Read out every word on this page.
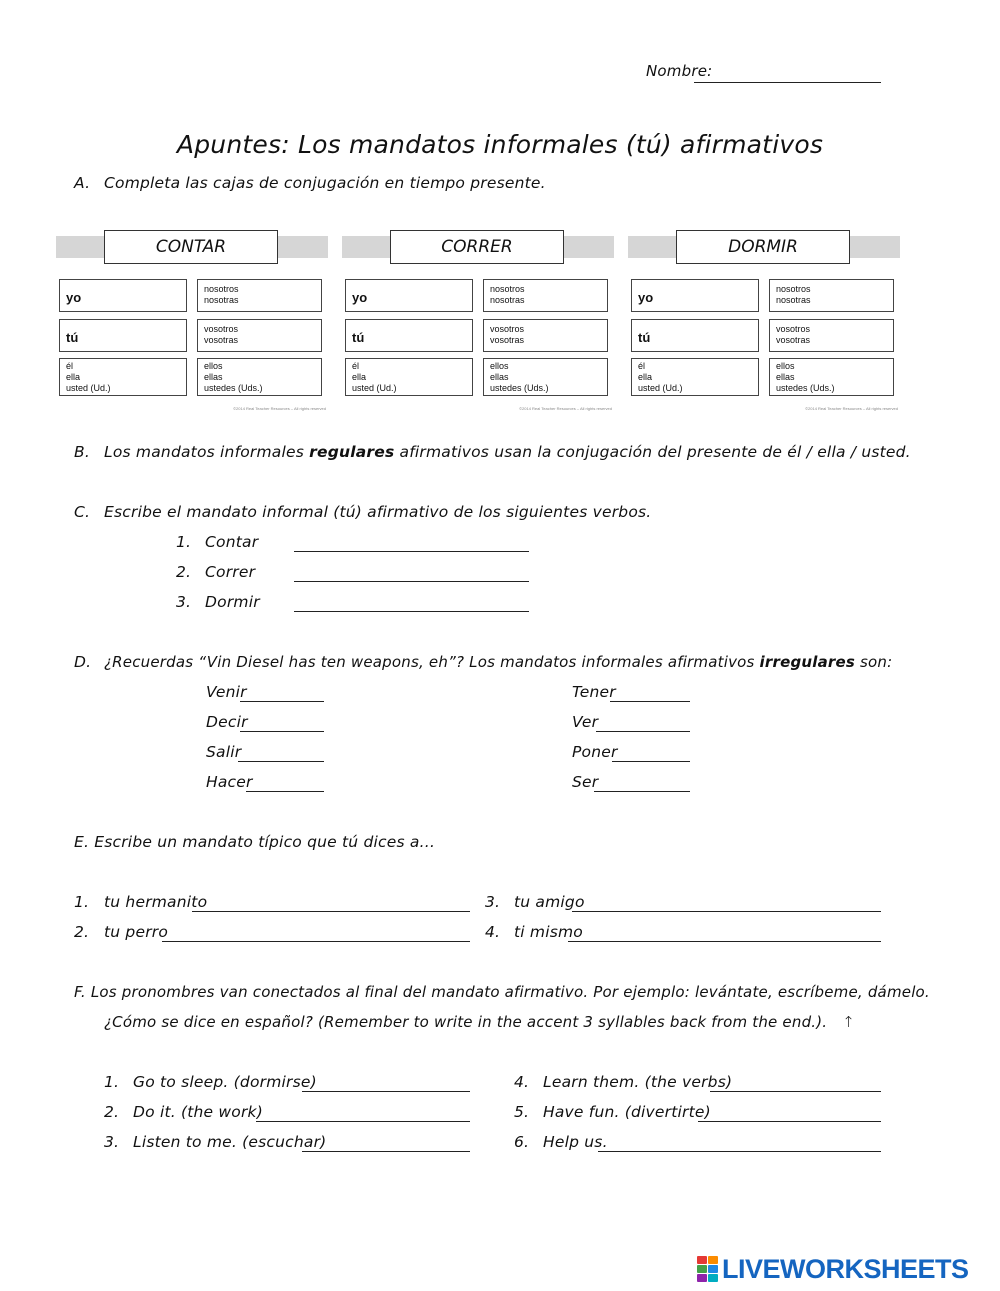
Nombre:
Apuntes: Los mandatos informales (tú) afirmativos
A. Completa las cajas de conjugación en tiempo presente.
CONTAR
yo
nosotros
nosotras
tú
vosotros
vosotras
él
ella
usted (Ud.)
ellos
ellas
ustedes (Uds.)
©2014 Real Teacher Resources – All rights reserved
CORRER
yo
nosotros
nosotras
tú
vosotros
vosotras
él
ella
usted (Ud.)
ellos
ellas
ustedes (Uds.)
©2014 Real Teacher Resources – All rights reserved
DORMIR
yo
nosotros
nosotras
tú
vosotros
vosotras
él
ella
usted (Ud.)
ellos
ellas
ustedes (Uds.)
©2014 Real Teacher Resources – All rights reserved
B. Los mandatos informales regulares afirmativos usan la conjugación del presente de él / ella / usted.
C. Escribe el mandato informal (tú) afirmativo de los siguientes verbos.
1. Contar
2. Correr
3. Dormir
D. ¿Recuerdas “Vin Diesel has ten weapons, eh”? Los mandatos informales afirmativos irregulares son:
Venir
Decir
Salir
Hacer
Tener
Ver
Poner
Ser
E. Escribe un mandato típico que tú dices a…
1. tu hermanito
2. tu perro
3. tu amigo
4. ti mismo
F. Los pronombres van conectados al final del mandato afirmativo. Por ejemplo: levántate, escríbeme, dámelo.
¿Cómo se dice en español? (Remember to write in the accent 3 syllables back from the end.). ↑
1. Go to sleep. (dormirse)
2. Do it. (the work)
3. Listen to me. (escuchar)
4. Learn them. (the verbs)
5. Have fun. (divertirte)
6. Help us.
LIVEWORKSHEETS
